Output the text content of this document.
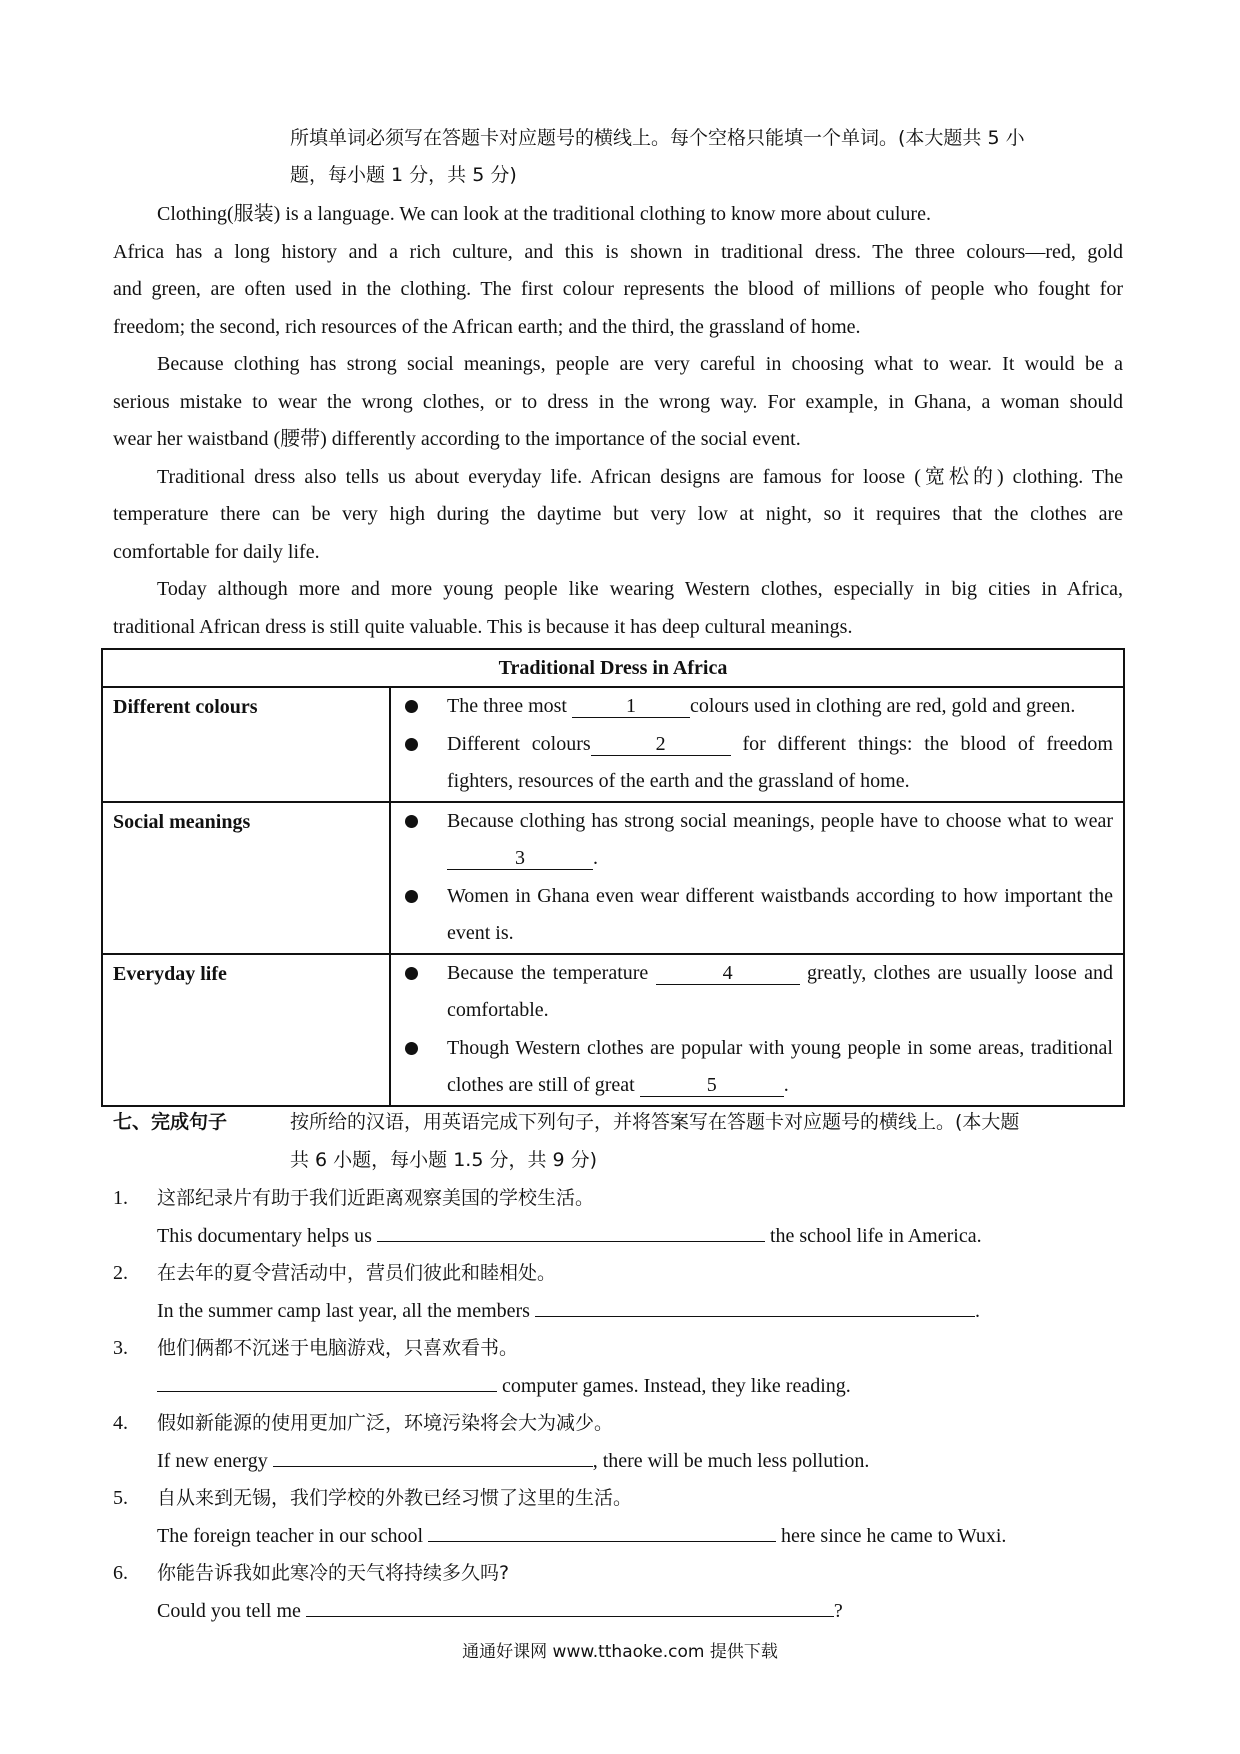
所填单词必须写在答题卡对应题号的横线上。每个空格只能填一个单词。(本大题共 5 小
题，每小题 1 分，共 5 分)
Clothing(服装) is a language. We can look at the traditional clothing to know more about culure.
Africa has a long history and a rich culture, and this is shown in traditional dress. The three colours—red, gold
and green, are often used in the clothing. The first colour represents the blood of millions of people who fought for
freedom; the second, rich resources of the African earth; and the third, the grassland of home.
Because clothing has strong social meanings, people are very careful in choosing what to wear. It would be a
serious mistake to wear the wrong clothes, or to dress in the wrong way. For example, in Ghana, a woman should
wear her waistband (腰带) differently according to the importance of the social event.
Traditional dress also tells us about everyday life. African designs are famous for loose (宽松的) clothing. The
temperature there can be very high during the daytime but very low at night, so it requires that the clothes are
comfortable for daily life.
Today although more and more young people like wearing Western clothes, especially in big cities in Africa,
traditional African dress is still quite valuable. This is because it has deep cultural meanings.
Traditional Dress in Africa	
Different colours	The three most 1 colours used in clothing are red, gold and green.
Different colours 2 for different things: the blood of freedom fighters, resources of the earth and the grassland of home.

Social meanings	Because clothing has strong social meanings, people have to choose what to wear 3 .
Women in Ghana even wear different waistbands according to how important the event is.

Everyday life	Because the temperature 4 greatly, clothes are usually loose and comfortable.
Though Western clothes are popular with young people in some areas, traditional clothes are still of great 5 .
七、完成句子	按所给的汉语，用英语完成下列句子，并将答案写在答题卡对应题号的横线上。(本大题
共 6 小题，每小题 1.5 分，共 9 分)
1. 这部纪录片有助于我们近距离观察美国的学校生活。
This documentary helps us	the school life in America.
2. 在去年的夏令营活动中，营员们彼此和睦相处。
In the summer camp last year, all the members	.
3. 他们俩都不沉迷于电脑游戏，只喜欢看书。
computer games. Instead, they like reading.
4. 假如新能源的使用更加广泛，环境污染将会大为减少。
If new energy	, there will be much less pollution.
5. 自从来到无锡，我们学校的外教已经习惯了这里的生活。
The foreign teacher in our school	here since he came to Wuxi.
6. 你能告诉我如此寒冷的天气将持续多久吗?
Could you tell me	?
通通好课网 www.tthaoke.com 提供下载
